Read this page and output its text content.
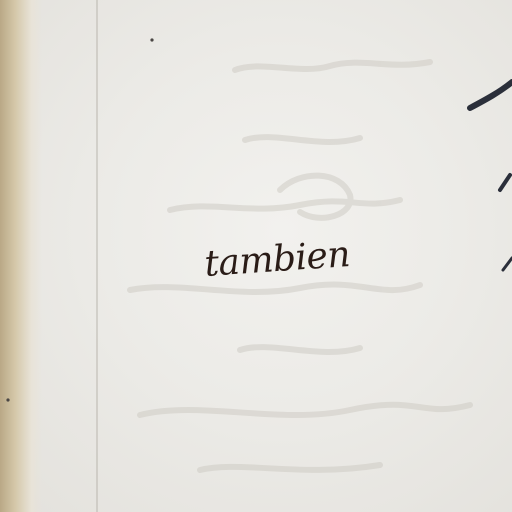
tambien
